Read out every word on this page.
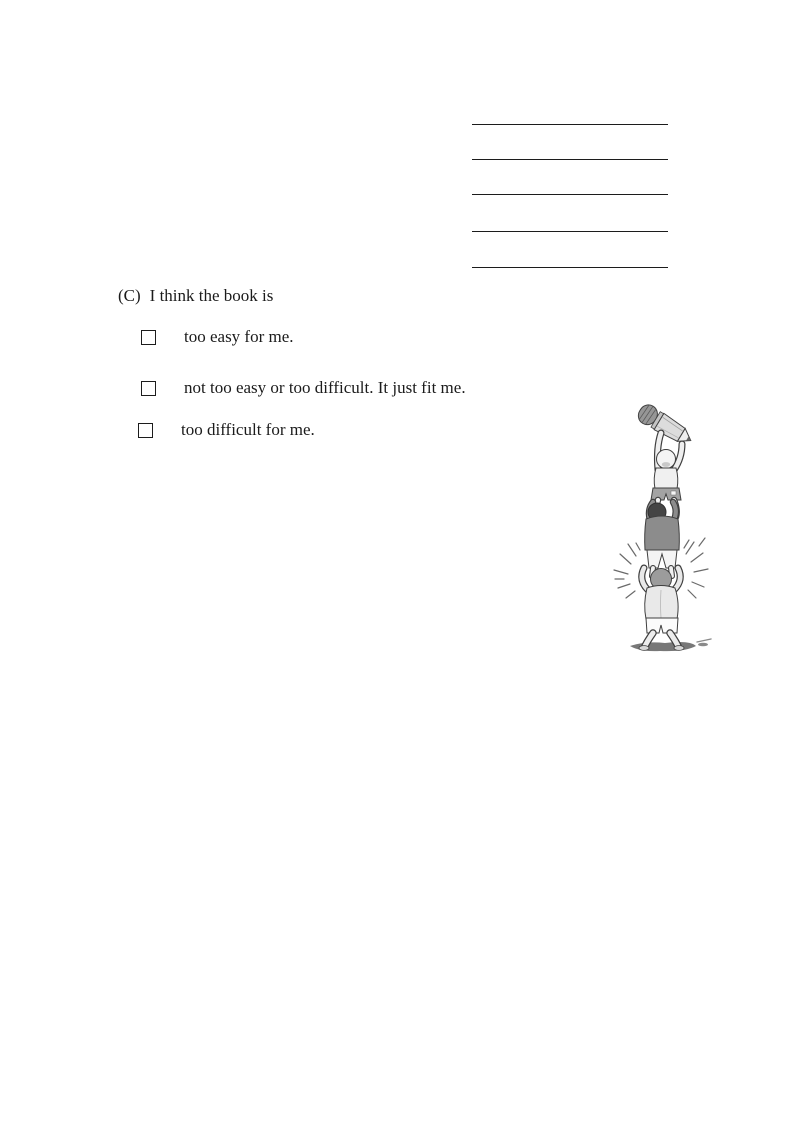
(C) I think the book is
too easy for me.
not too easy or too difficult. It just fit me.
too difficult for me.
